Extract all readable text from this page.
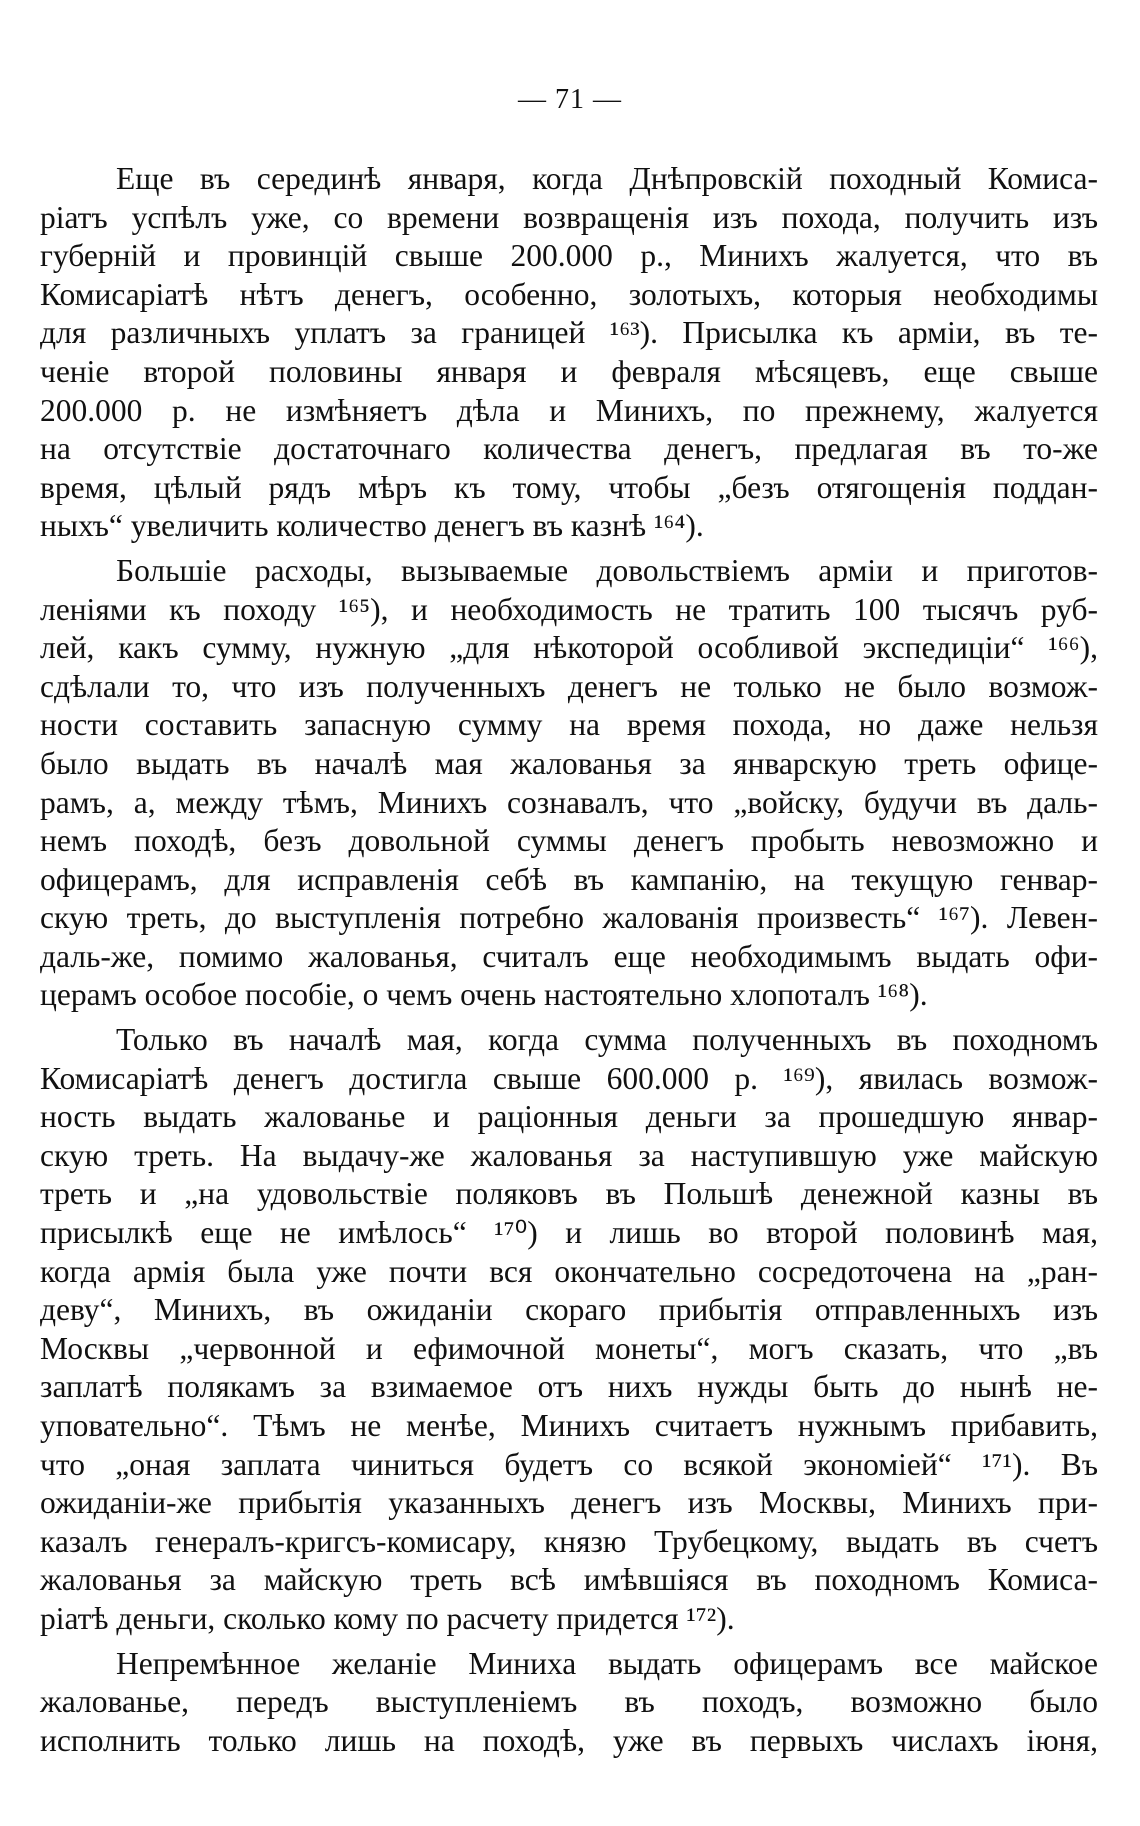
— 71 —
Еще въ серединѣ января, когда Днѣпровскій походный Комиса-
ріатъ успѣлъ уже, со времени возвращенія изъ похода, получить изъ
губерній и провинцій свыше 200.000 р., Минихъ жалуется, что въ
Комисаріатѣ нѣтъ денегъ, особенно, золотыхъ, которыя необходимы
для различныхъ уплатъ за границей ¹⁶³). Присылка къ арміи, въ те-
ченіе второй половины января и февраля мѣсяцевъ, еще свыше
200.000 р. не измѣняетъ дѣла и Минихъ, по прежнему, жалуется
на отсутствіе достаточнаго количества денегъ, предлагая въ то-же
время, цѣлый рядъ мѣръ къ тому, чтобы „безъ отягощенія поддан-
ныхъ“ увеличить количество денегъ въ казнѣ ¹⁶⁴).
Большіе расходы, вызываемые довольствіемъ арміи и приготов-
леніями къ походу ¹⁶⁵), и необходимость не тратить 100 тысячъ руб-
лей, какъ сумму, нужную „для нѣкоторой особливой экспедиціи“ ¹⁶⁶),
сдѣлали то, что изъ полученныхъ денегъ не только не было возмож-
ности составить запасную сумму на время похода, но даже нельзя
было выдать въ началѣ мая жалованья за январскую треть офице-
рамъ, а, между тѣмъ, Минихъ сознавалъ, что „войску, будучи въ даль-
немъ походѣ, безъ довольной суммы денегъ пробыть невозможно и
офицерамъ, для исправленія себѣ въ кампанію, на текущую генвар-
скую треть, до выступленія потребно жалованія произвесть“ ¹⁶⁷). Левен-
даль-же, помимо жалованья, считалъ еще необходимымъ выдать офи-
церамъ особое пособіе, о чемъ очень настоятельно хлопоталъ ¹⁶⁸).
Только въ началѣ мая, когда сумма полученныхъ въ походномъ
Комисаріатѣ денегъ достигла свыше 600.000 р. ¹⁶⁹), явилась возмож-
ность выдать жалованье и раціонныя деньги за прошедшую январ-
скую треть. На выдачу-же жалованья за наступившую уже майскую
треть и „на удовольствіе поляковъ въ Польшѣ денежной казны въ
присылкѣ еще не имѣлось“ ¹⁷⁰) и лишь во второй половинѣ мая,
когда армія была уже почти вся окончательно сосредоточена на „ран-
деву“, Минихъ, въ ожиданіи скораго прибытія отправленныхъ изъ
Москвы „червонной и ефимочной монеты“, могъ сказать, что „въ
заплатѣ полякамъ за взимаемое отъ нихъ нужды быть до нынѣ не-
уповательно“. Тѣмъ не менѣе, Минихъ считаетъ нужнымъ прибавить,
что „оная заплата чиниться будетъ со всякой экономіей“ ¹⁷¹). Въ
ожиданіи-же прибытія указанныхъ денегъ изъ Москвы, Минихъ при-
казалъ генералъ-кригсъ-комисару, князю Трубецкому, выдать въ счетъ
жалованья за майскую треть всѣ имѣвшіяся въ походномъ Комиса-
ріатѣ деньги, сколько кому по расчету придется ¹⁷²).
Непремѣнное желаніе Миниха выдать офицерамъ все майское
жалованье, передъ выступленіемъ въ походъ, возможно было
исполнить только лишь на походѣ, уже въ первыхъ числахъ іюня,
